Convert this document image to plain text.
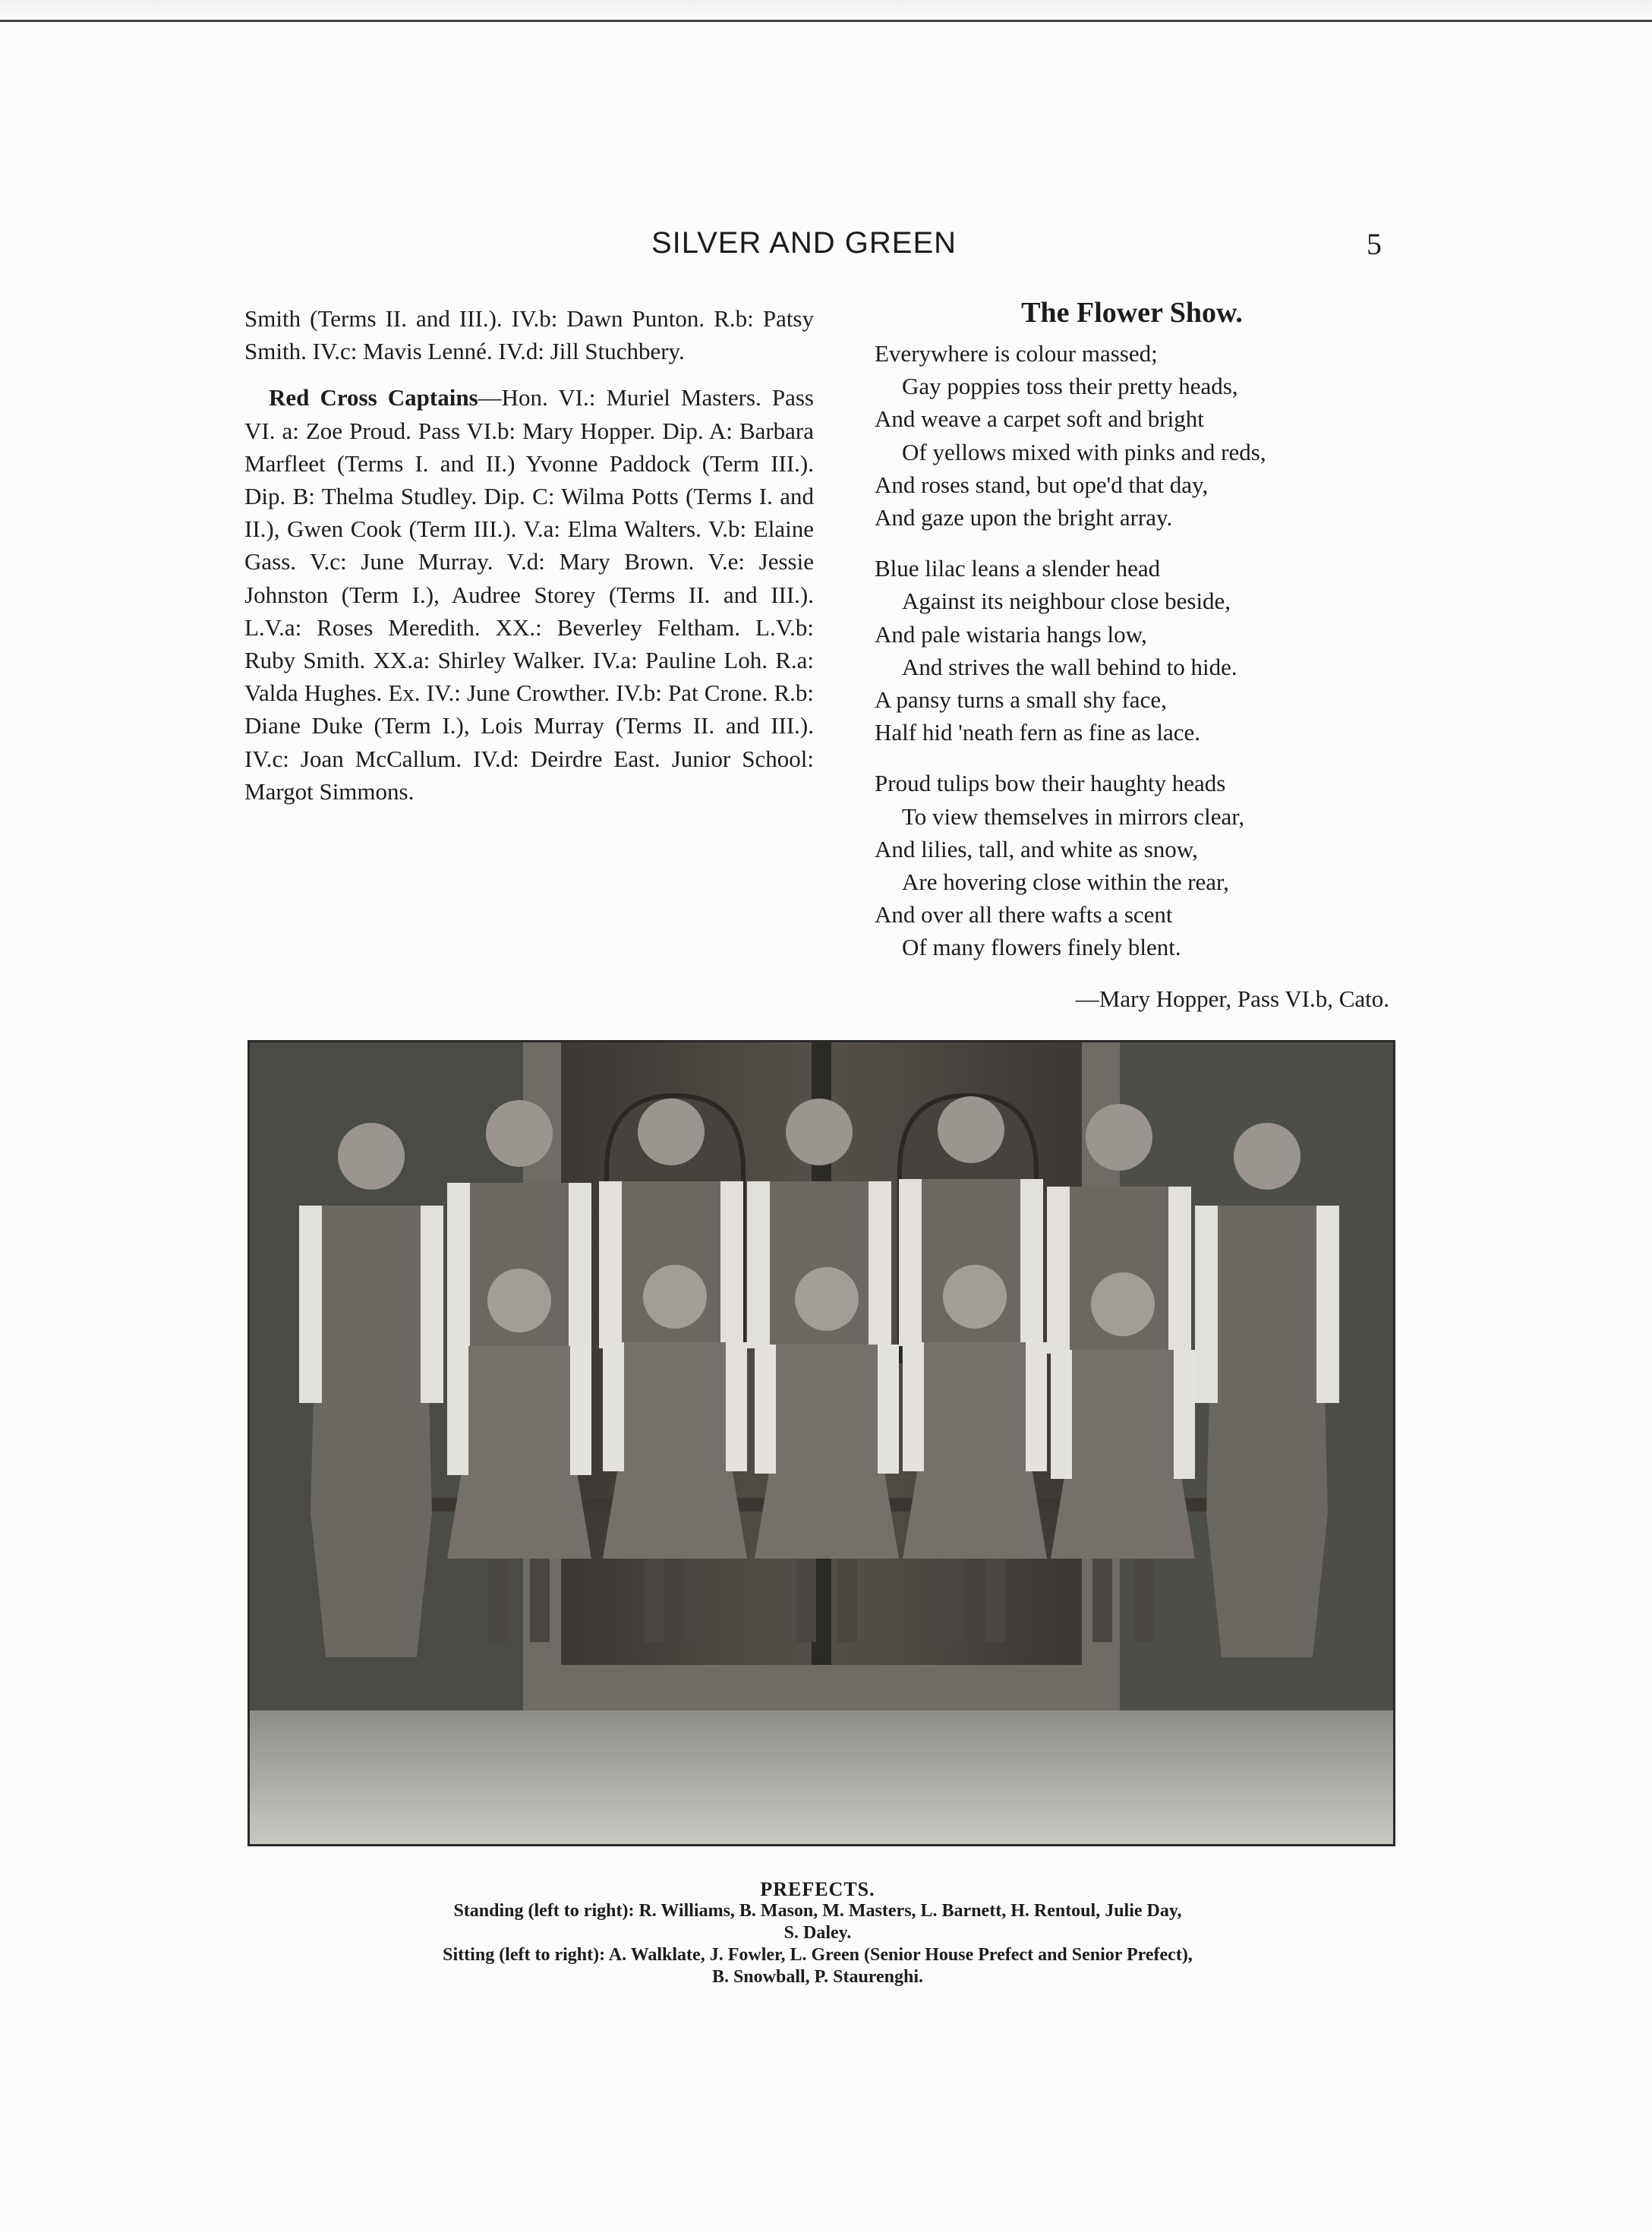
SILVER AND GREEN	5

Smith (Terms II. and III.). IV.b: Dawn Punton. R.b: Patsy Smith. IV.c: Mavis Lenné. IV.d: Jill Stuchbery.

Red Cross Captains—Hon. VI.: Muriel Masters. Pass VI. a: Zoe Proud. Pass VI.b: Mary Hopper. Dip. A: Barbara Marfleet (Terms I. and II.) Yvonne Paddock (Term III.). Dip. B: Thelma Studley. Dip. C: Wilma Potts (Terms I. and II.), Gwen Cook (Term III.). V.a: Elma Walters. V.b: Elaine Gass. V.c: June Murray. V.d: Mary Brown. V.e: Jessie Johnston (Term I.), Audree Storey (Terms II. and III.). L.V.a: Roses Meredith. XX.: Beverley Feltham. L.V.b: Ruby Smith. XX.a: Shirley Walker. IV.a: Pauline Loh. R.a: Valda Hughes. Ex. IV.: June Crowther. IV.b: Pat Crone. R.b: Diane Duke (Term I.), Lois Murray (Terms II. and III.). IV.c: Joan McCallum. IV.d: Deirdre East. Junior School: Margot Simmons.

The Flower Show.
Everywhere is colour massed;
Gay poppies toss their pretty heads,
And weave a carpet soft and bright
Of yellows mixed with pinks and reds,
And roses stand, but ope'd that day,
And gaze upon the bright array.
Blue lilac leans a slender head
Against its neighbour close beside,
And pale wistaria hangs low,
And strives the wall behind to hide.
A pansy turns a small shy face,
Half hid 'neath fern as fine as lace.
Proud tulips bow their haughty heads
To view themselves in mirrors clear,
And lilies, tall, and white as snow,
Are hovering close within the rear,
And over all there wafts a scent
Of many flowers finely blent.
—Mary Hopper, Pass VI.b, Cato.
PREFECTS.
Standing (left to right): R. Williams, B. Mason, M. Masters, L. Barnett, H. Rentoul, Julie Day,
S. Daley.
Sitting (left to right): A. Walklate, J. Fowler, L. Green (Senior House Prefect and Senior Prefect),
B. Snowball, P. Staurenghi.
